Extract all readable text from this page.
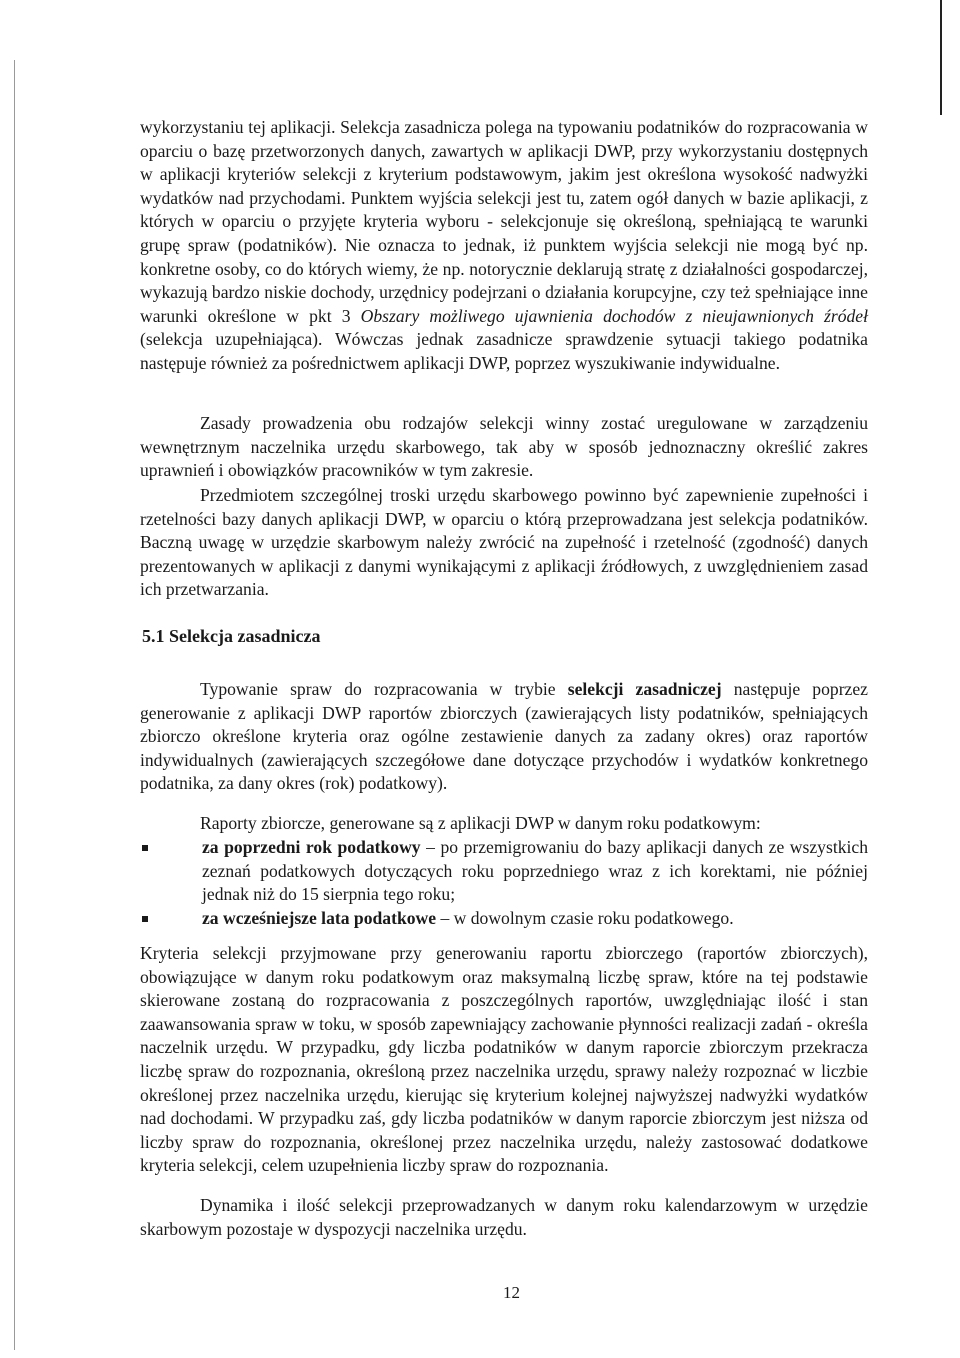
wykorzystaniu tej aplikacji. Selekcja zasadnicza polega na typowaniu podatników do rozpracowania w oparciu o bazę przetworzonych danych, zawartych w aplikacji DWP, przy wykorzystaniu dostępnych w aplikacji kryteriów selekcji z kryterium podstawowym, jakim jest określona wysokość nadwyżki wydatków nad przychodami. Punktem wyjścia selekcji jest tu, zatem ogół danych w bazie aplikacji, z których w oparciu o przyjęte kryteria wyboru - selekcjonuje się określoną, spełniającą te warunki grupę spraw (podatników). Nie oznacza to jednak, iż punktem wyjścia selekcji nie mogą być np. konkretne osoby, co do których wiemy, że np. notorycznie deklarują stratę z działalności gospodarczej, wykazują bardzo niskie dochody, urzędnicy podejrzani o działania korupcyjne, czy też spełniające inne warunki określone w pkt 3 Obszary możliwego ujawnienia dochodów z nieujawnionych źródeł (selekcja uzupełniająca). Wówczas jednak zasadnicze sprawdzenie sytuacji takiego podatnika następuje również za pośrednictwem aplikacji DWP, poprzez wyszukiwanie indywidualne.

Zasady prowadzenia obu rodzajów selekcji winny zostać uregulowane w zarządzeniu wewnętrznym naczelnika urzędu skarbowego, tak aby w sposób jednoznaczny określić zakres uprawnień i obowiązków pracowników w tym zakresie.

Przedmiotem szczególnej troski urzędu skarbowego powinno być zapewnienie zupełności i rzetelności bazy danych aplikacji DWP, w oparciu o którą przeprowadzana jest selekcja podatników. Baczną uwagę w urzędzie skarbowym należy zwrócić na zupełność i rzetelność (zgodność) danych prezentowanych w aplikacji z danymi wynikającymi z aplikacji źródłowych, z uwzględnieniem zasad ich przetwarzania.

5.1 Selekcja zasadnicza

Typowanie spraw do rozpracowania w trybie selekcji zasadniczej następuje poprzez generowanie z aplikacji DWP raportów zbiorczych (zawierających listy podatników, spełniających zbiorczo określone kryteria oraz ogólne zestawienie danych za zadany okres) oraz raportów indywidualnych (zawierających szczegółowe dane dotyczące przychodów i wydatków konkretnego podatnika, za dany okres (rok) podatkowy).

Raporty zbiorcze, generowane są z aplikacji DWP w danym roku podatkowym:

za poprzedni rok podatkowy – po przemigrowaniu do bazy aplikacji danych ze wszystkich zeznań podatkowych dotyczących roku poprzedniego wraz z ich korektami, nie później jednak niż do 15 sierpnia tego roku;
za wcześniejsze lata podatkowe – w dowolnym czasie roku podatkowego.

Kryteria selekcji przyjmowane przy generowaniu raportu zbiorczego (raportów zbiorczych), obowiązujące w danym roku podatkowym oraz maksymalną liczbę spraw, które na tej podstawie skierowane zostaną do rozpracowania z poszczególnych raportów, uwzględniając ilość i stan zaawansowania spraw w toku, w sposób zapewniający zachowanie płynności realizacji zadań - określa naczelnik urzędu. W przypadku, gdy liczba podatników w danym raporcie zbiorczym przekracza liczbę spraw do rozpoznania, określoną przez naczelnika urzędu, sprawy należy rozpoznać w liczbie określonej przez naczelnika urzędu, kierując się kryterium kolejnej najwyższej nadwyżki wydatków nad dochodami. W przypadku zaś, gdy liczba podatników w danym raporcie zbiorczym jest niższa od liczby spraw do rozpoznania, określonej przez naczelnika urzędu, należy zastosować dodatkowe kryteria selekcji, celem uzupełnienia liczby spraw do rozpoznania.

Dynamika i ilość selekcji przeprowadzanych w danym roku kalendarzowym w urzędzie skarbowym pozostaje w dyspozycji naczelnika urzędu.

12
